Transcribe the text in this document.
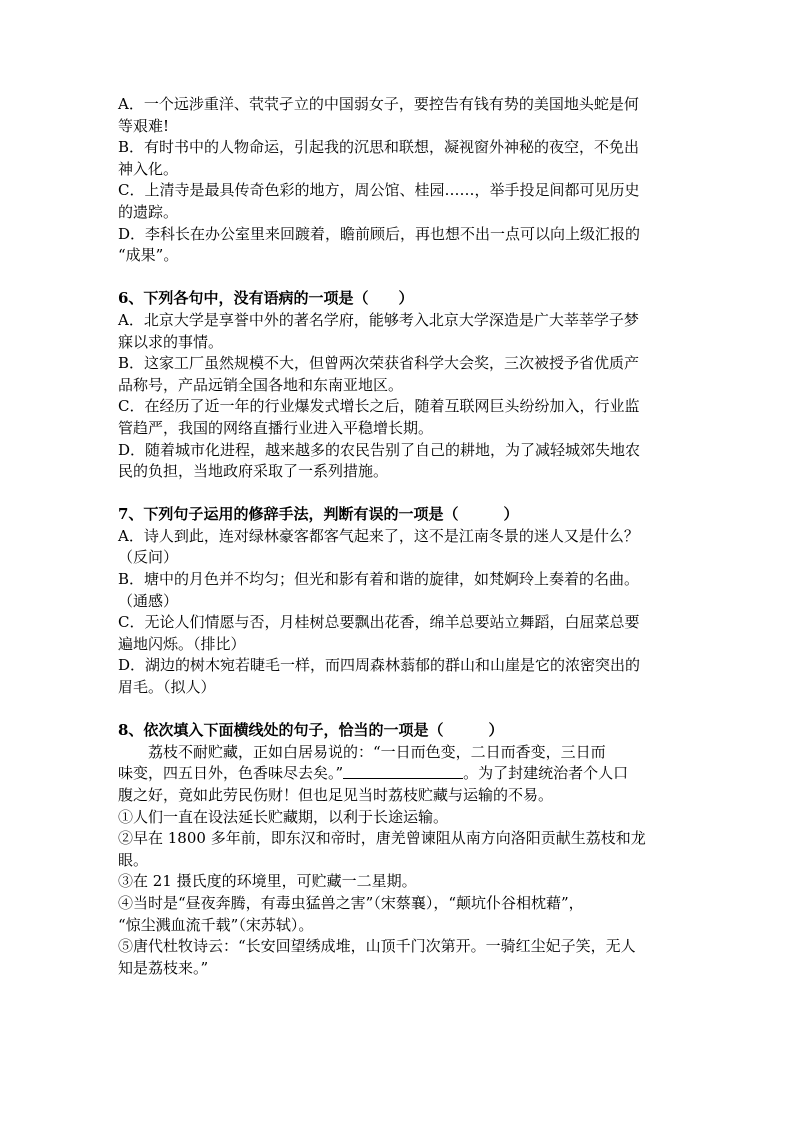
A．一个远涉重洋、茕茕孑立的中国弱女子，要控告有钱有势的美国地头蛇是何

等艰难!

B．有时书中的人物命运，引起我的沉思和联想，凝视窗外神秘的夜空，不免出

神入化。

C．上清寺是最具传奇色彩的地方，周公馆、桂园……，举手投足间都可见历史

的遗踪。

D．李科长在办公室里来回踱着，瞻前顾后，再也想不出一点可以向上级汇报的

“成果”。

6、下列各句中，没有语病的一项是（　　）

A．北京大学是享誉中外的著名学府，能够考入北京大学深造是广大莘莘学子梦

寐以求的事情。

B．这家工厂虽然规模不大，但曾两次荣获省科学大会奖，三次被授予省优质产

品称号，产品远销全国各地和东南亚地区。

C．在经历了近一年的行业爆发式增长之后，随着互联网巨头纷纷加入，行业监

管趋严，我国的网络直播行业进入平稳增长期。

D．随着城市化进程，越来越多的农民告别了自己的耕地，为了减轻城郊失地农

民的负担，当地政府采取了一系列措施。

7、下列句子运用的修辞手法，判断有误的一项是（　　　）

A．诗人到此，连对绿林豪客都客气起来了，这不是江南冬景的迷人又是什么？

（反问）

B．塘中的月色并不均匀；但光和影有着和谐的旋律，如梵婀玲上奏着的名曲。

（通感）

C．无论人们情愿与否，月桂树总要飘出花香，绵羊总要站立舞蹈，白屈菜总要

遍地闪烁。（排比）

D．湖边的树木宛若睫毛一样，而四周森林蓊郁的群山和山崖是它的浓密突出的

眉毛。（拟人）

8、依次填入下面横线处的句子，恰当的一项是（　　　）

荔枝不耐贮藏，正如白居易说的：“一日而色变，二日而香变，三日而

味变，四五日外，色香味尽去矣。”	。为了封建统治者个人口

腹之好，竟如此劳民伤财！但也足见当时荔枝贮藏与运输的不易。

①人们一直在设法延长贮藏期，以利于长途运输。

②早在 1800 多年前，即东汉和帝时，唐羌曾谏阻从南方向洛阳贡献生荔枝和龙

眼。

③在 21 摄氏度的环境里，可贮藏一二星期。

④当时是“昼夜奔腾，有毒虫猛兽之害”（宋蔡襄），“颠坑仆谷相枕藉”，

“惊尘溅血流千载”（宋苏轼）。

⑤唐代杜牧诗云：“长安回望绣成堆，山顶千门次第开。一骑红尘妃子笑，无人

知是荔枝来。”
